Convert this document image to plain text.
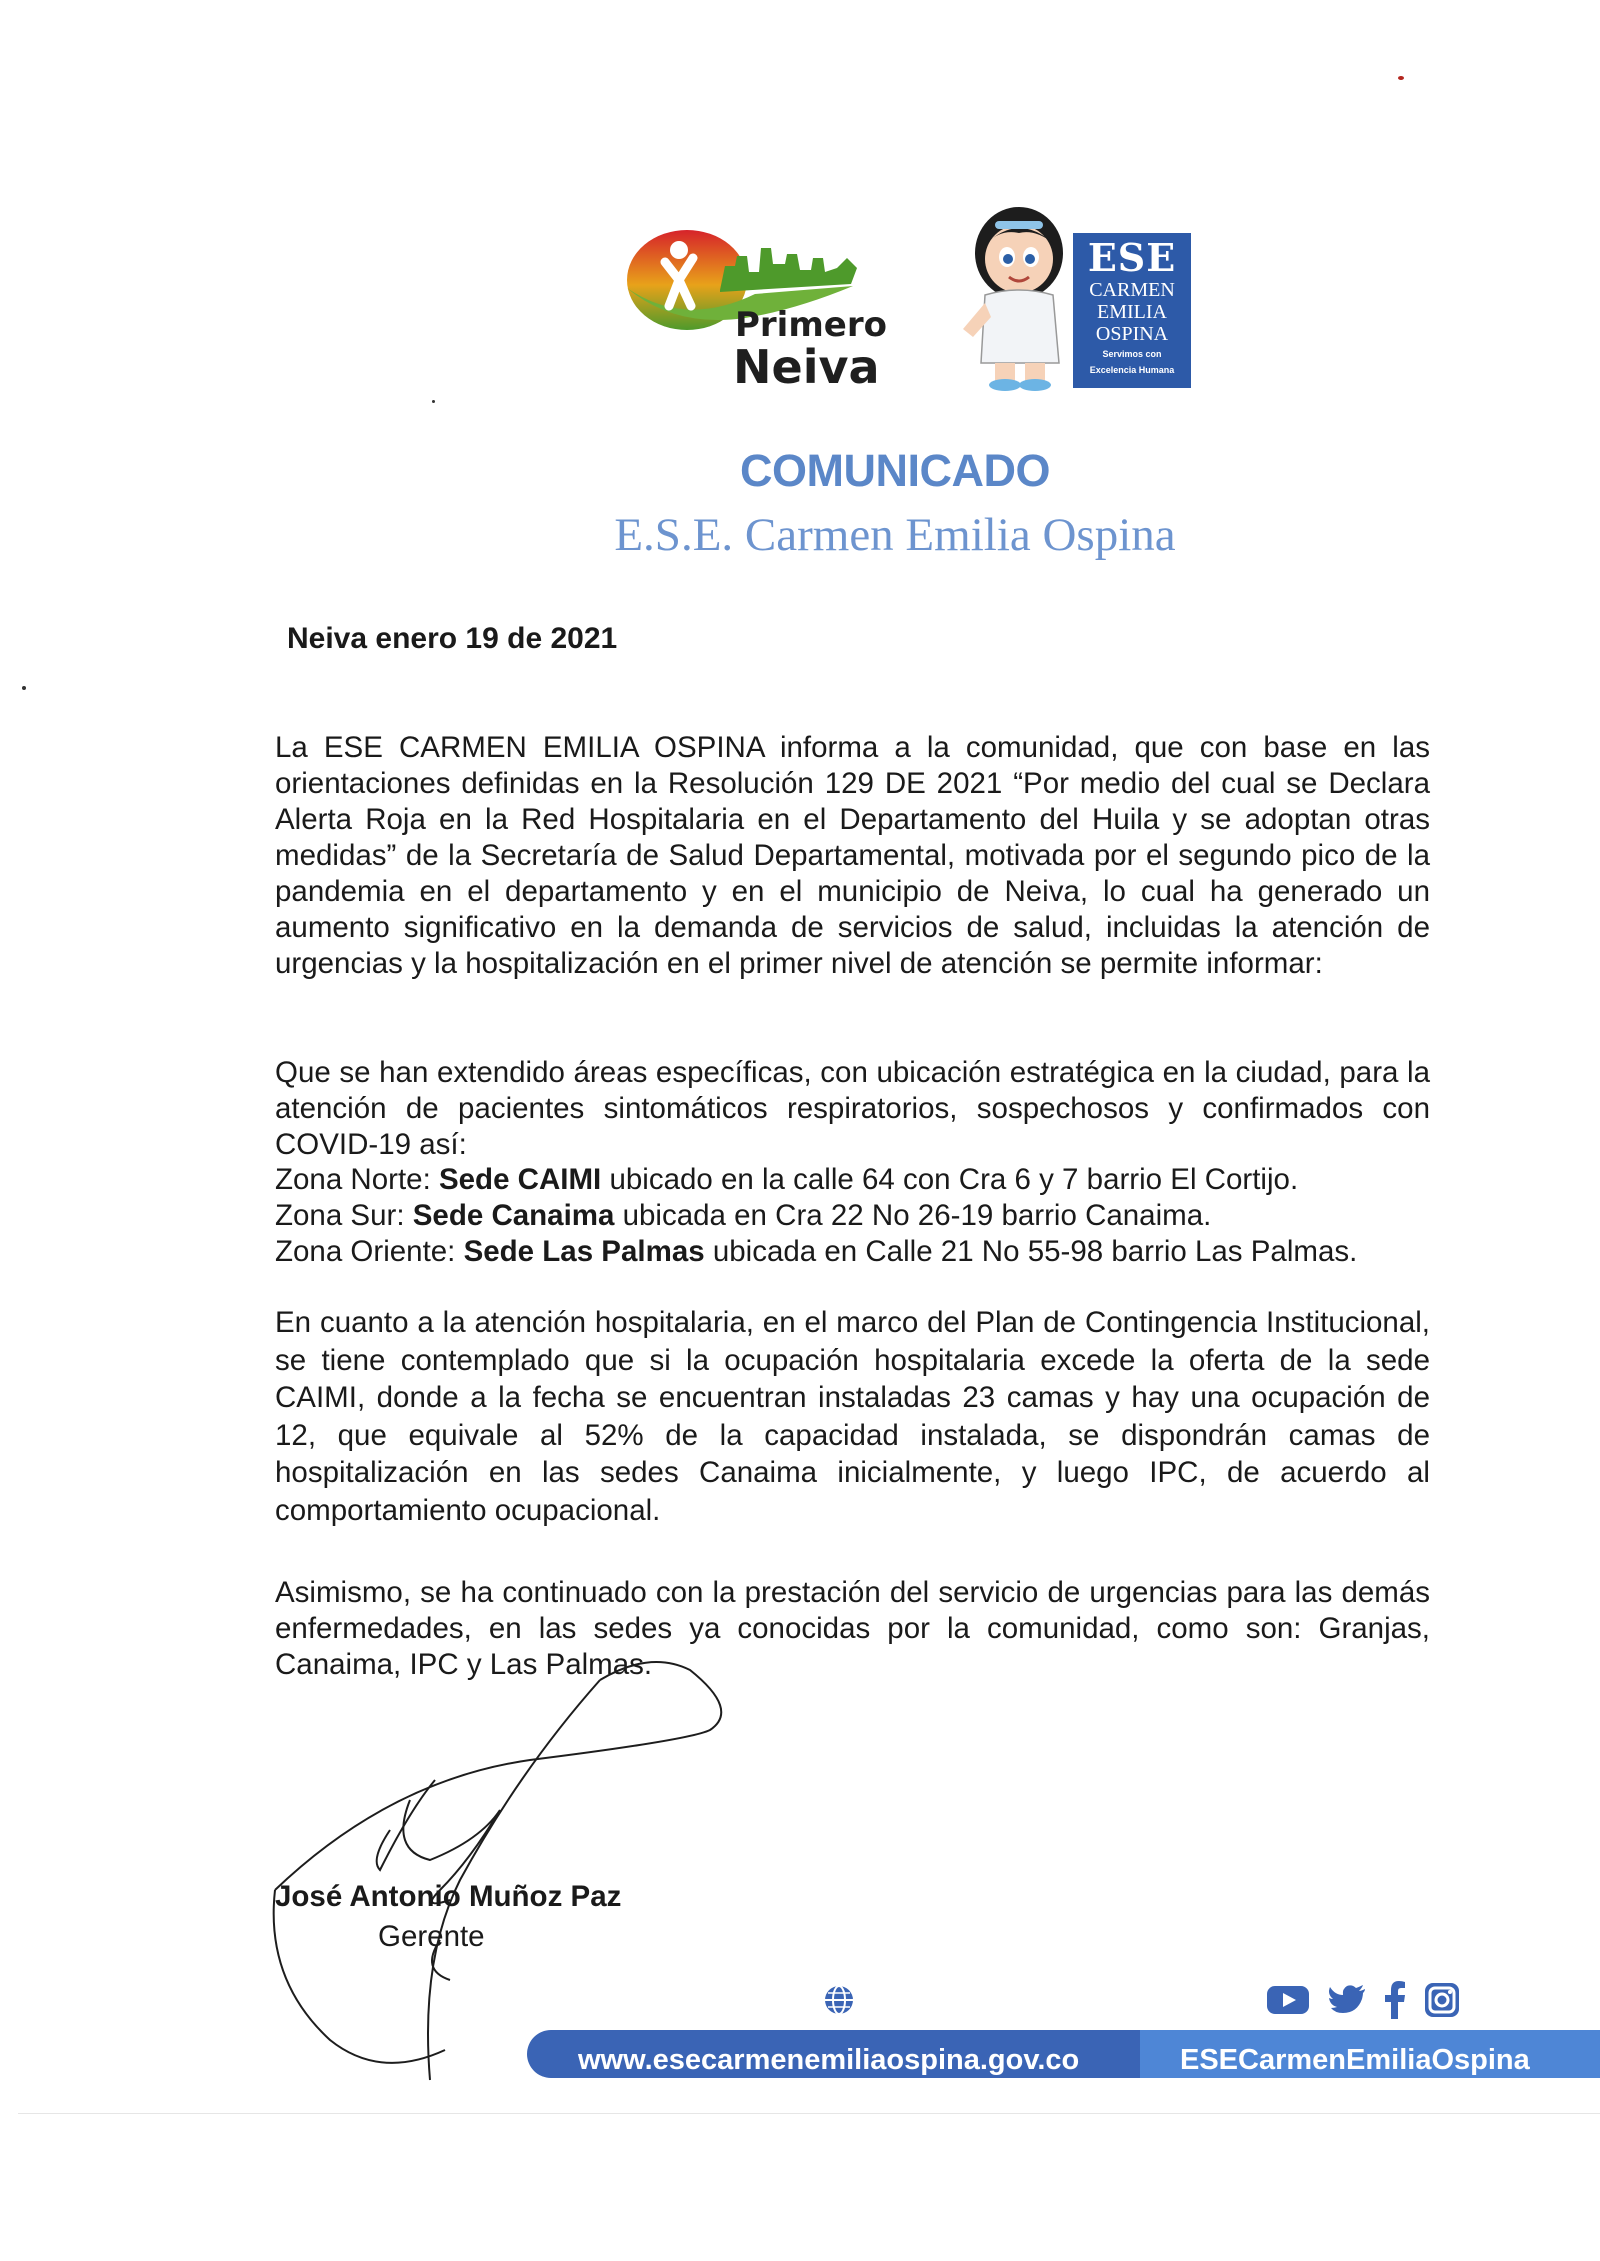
Primero
Neiva
ESE
CARMEN
EMILIA
OSPINA
Servimos con
Excelencia Humana
COMUNICADO
E.S.E. Carmen Emilia Ospina
Neiva enero 19 de 2021
La ESE CARMEN EMILIA OSPINA informa a la comunidad, que con base en las orientaciones definidas en la Resolución 129 DE 2021 “Por medio del cual se Declara Alerta Roja en la Red Hospitalaria en el Departamento del Huila y se adoptan otras medidas” de la Secretaría de Salud Departamental, motivada por el segundo pico de la pandemia en el departamento y en el municipio de Neiva, lo cual ha generado un aumento significativo en la demanda de servicios de salud, incluidas la atención de urgencias y la hospitalización en el primer nivel de atención se permite informar:
Que se han extendido áreas específicas, con ubicación estratégica en la ciudad, para la atención de pacientes sintomáticos respiratorios, sospechosos y confirmados con COVID-19 así:
Zona Norte: Sede CAIMI ubicado en la calle 64 con Cra 6 y 7 barrio El Cortijo.
Zona Sur: Sede Canaima ubicada en Cra 22 No 26-19 barrio Canaima.
Zona Oriente: Sede Las Palmas ubicada en Calle 21 No 55-98 barrio Las Palmas.
En cuanto a la atención hospitalaria, en el marco del Plan de Contingencia Institucional, se tiene contemplado que si la ocupación hospitalaria excede la oferta de la sede CAIMI, donde a la fecha se encuentran instaladas 23 camas y hay una ocupación de 12, que equivale al 52% de la capacidad instalada, se dispondrán camas de hospitalización en las sedes Canaima inicialmente, y luego IPC, de acuerdo al comportamiento ocupacional.
Asimismo, se ha continuado con la prestación del servicio de urgencias para las demás enfermedades, en las sedes ya conocidas por la comunidad, como son: Granjas, Canaima, IPC y Las Palmas.
José Antonio Muñoz Paz
Gerente
www.esecarmenemiliaospina.gov.co	ESECarmenEmiliaOspina
